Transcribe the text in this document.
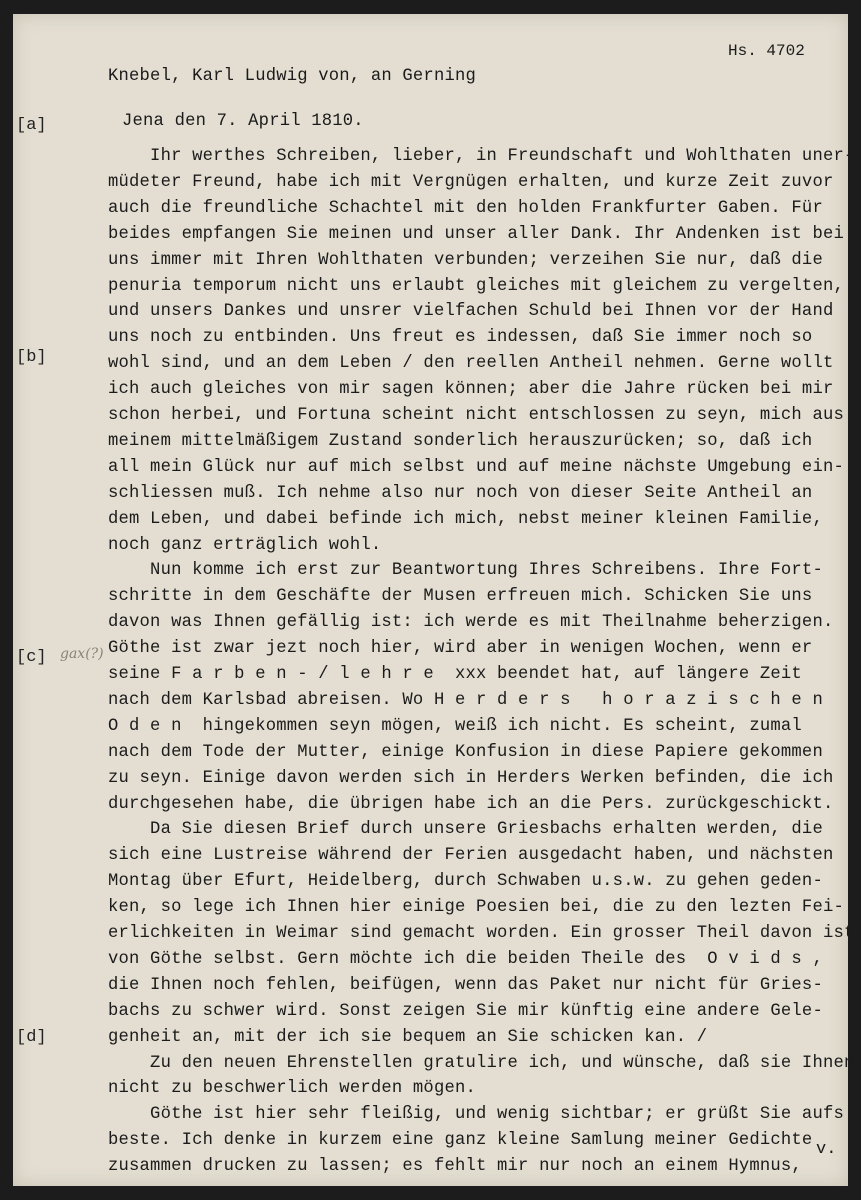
Hs. 4702
[a]
[b]
[c]
[d]
gax(?)
Knebel, Karl Ludwig von, an Gerning
Jena den 7. April 1810.
Ihr werthes Schreiben, lieber, in Freundschaft und Wohlthaten uner-
müdeter Freund, habe ich mit Vergnügen erhalten, und kurze Zeit zuvor
auch die freundliche Schachtel mit den holden Frankfurter Gaben. Für
beides empfangen Sie meinen und unser aller Dank. Ihr Andenken ist bei
uns immer mit Ihren Wohlthaten verbunden; verzeihen Sie nur, daß die
penuria temporum nicht uns erlaubt gleiches mit gleichem zu vergelten,
und unsers Dankes und unsrer vielfachen Schuld bei Ihnen vor der Hand
uns noch zu entbinden. Uns freut es indessen, daß Sie immer noch so
wohl sind, und an dem Leben / den reellen Antheil nehmen. Gerne wollt
ich auch gleiches von mir sagen können; aber die Jahre rücken bei mir
schon herbei, und Fortuna scheint nicht entschlossen zu seyn, mich aus
meinem mittelmäßigem Zustand sonderlich herauszurücken; so, daß ich
all mein Glück nur auf mich selbst und auf meine nächste Umgebung ein-
schliessen muß. Ich nehme also nur noch von dieser Seite Antheil an
dem Leben, und dabei befinde ich mich, nebst meiner kleinen Familie,
noch ganz erträglich wohl.
Nun komme ich erst zur Beantwortung Ihres Schreibens. Ihre Fort-
schritte in dem Geschäfte der Musen erfreuen mich. Schicken Sie uns
davon was Ihnen gefällig ist: ich werde es mit Theilnahme beherzigen.
Göthe ist zwar jezt noch hier, wird aber in wenigen Wochen, wenn er
seine F a r b e n - / l e h r e  xxx beendet hat, auf längere Zeit
nach dem Karlsbad abreisen. Wo H e r d e r s   h o r a z i s c h e n
O d e n  hingekommen seyn mögen, weiß ich nicht. Es scheint, zumal
nach dem Tode der Mutter, einige Konfusion in diese Papiere gekommen
zu seyn. Einige davon werden sich in Herders Werken befinden, die ich
durchgesehen habe, die übrigen habe ich an die Pers. zurückgeschickt.
Da Sie diesen Brief durch unsere Griesbachs erhalten werden, die
sich eine Lustreise während der Ferien ausgedacht haben, und nächsten
Montag über Efurt, Heidelberg, durch Schwaben u.s.w. zu gehen geden-
ken, so lege ich Ihnen hier einige Poesien bei, die zu den lezten Fei-
erlichkeiten in Weimar sind gemacht worden. Ein grosser Theil davon ist
von Göthe selbst. Gern möchte ich die beiden Theile des  O v i d s ,
die Ihnen noch fehlen, beifügen, wenn das Paket nur nicht für Gries-
bachs zu schwer wird. Sonst zeigen Sie mir künftig eine andere Gele-
genheit an, mit der ich sie bequem an Sie schicken kan. /
Zu den neuen Ehrenstellen gratulire ich, und wünsche, daß sie Ihnen
nicht zu beschwerlich werden mögen.
Göthe ist hier sehr fleißig, und wenig sichtbar; er grüßt Sie aufs
beste. Ich denke in kurzem eine ganz kleine Samlung meiner Gedichte
zusammen drucken zu lassen; es fehlt mir nur noch an einem Hymnus,
v.
